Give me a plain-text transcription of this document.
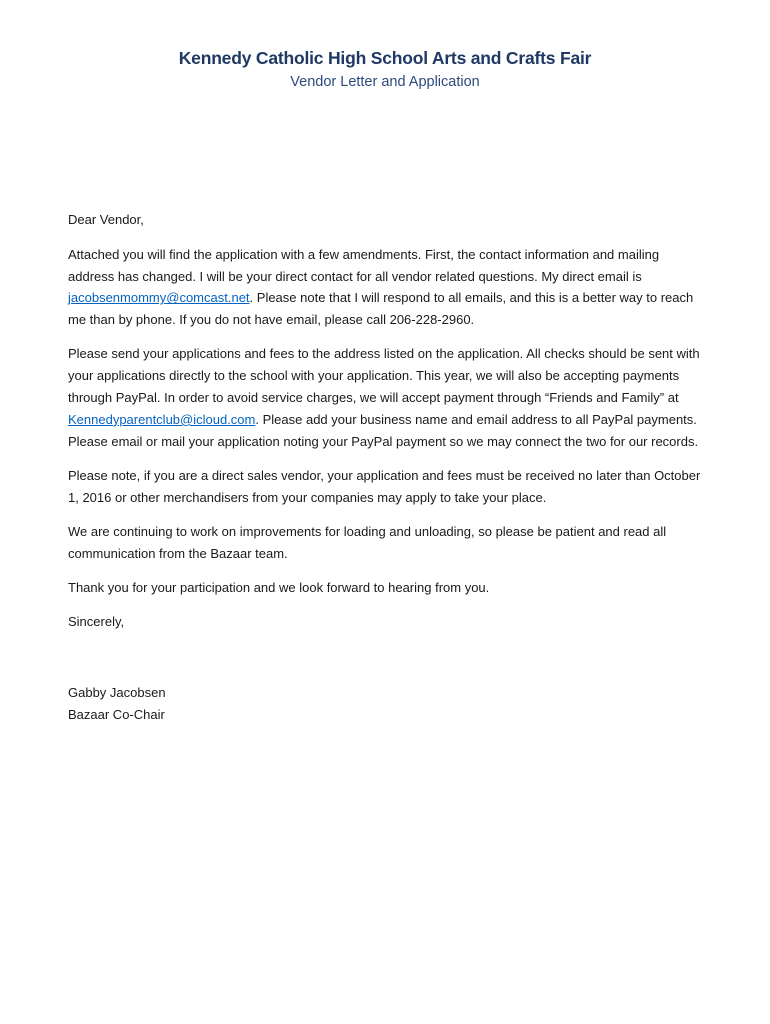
Kennedy Catholic High School Arts and Crafts Fair
Vendor Letter and Application

Dear Vendor,

Attached you will find the application with a few amendments. First, the contact information and mailing address has changed. I will be your direct contact for all vendor related questions. My direct email is jacobsenmommy@comcast.net. Please note that I will respond to all emails, and this is a better way to reach me than by phone. If you do not have email, please call 206-228-2960.

Please send your applications and fees to the address listed on the application. All checks should be sent with your applications directly to the school with your application. This year, we will also be accepting payments through PayPal. In order to avoid service charges, we will accept payment through “Friends and Family” at Kennedyparentclub@icloud.com. Please add your business name and email address to all PayPal payments. Please email or mail your application noting your PayPal payment so we may connect the two for our records.

Please note, if you are a direct sales vendor, your application and fees must be received no later than October 1, 2016 or other merchandisers from your companies may apply to take your place.

We are continuing to work on improvements for loading and unloading, so please be patient and read all communication from the Bazaar team.

Thank you for your participation and we look forward to hearing from you.

Sincerely,

Gabby Jacobsen

Bazaar Co-Chair
